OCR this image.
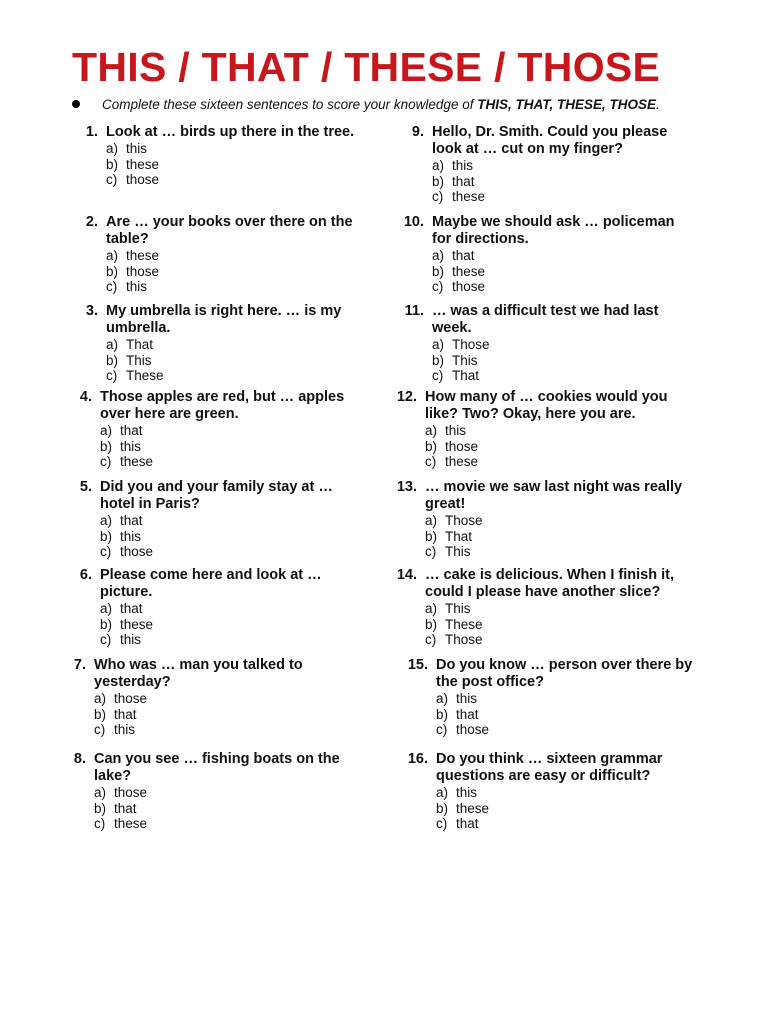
THIS / THAT / THESE / THOSE
Complete these sixteen sentences to score your knowledge of THIS, THAT, THESE, THOSE.
1. Look at … birds up there in the tree.
a) this
b) these
c) those
2. Are … your books over there on the table?
a) these
b) those
c) this
3. My umbrella is right here. … is my umbrella.
a) That
b) This
c) These
4. Those apples are red, but … apples over here are green.
a) that
b) this
c) these
5. Did you and your family stay at … hotel in Paris?
a) that
b) this
c) those
6. Please come here and look at … picture.
a) that
b) these
c) this
7. Who was … man you talked to yesterday?
a) those
b) that
c) this
8. Can you see … fishing boats on the lake?
a) those
b) that
c) these
9. Hello, Dr. Smith. Could you please look at … cut on my finger?
a) this
b) that
c) these
10. Maybe we should ask … policeman for directions.
a) that
b) these
c) those
11. … was a difficult test we had last week.
a) Those
b) This
c) That
12. How many of … cookies would you like? Two? Okay, here you are.
a) this
b) those
c) these
13. … movie we saw last night was really great!
a) Those
b) That
c) This
14. … cake is delicious. When I finish it, could I please have another slice?
a) This
b) These
c) Those
15. Do you know … person over there by the post office?
a) this
b) that
c) those
16. Do you think … sixteen grammar questions are easy or difficult?
a) this
b) these
c) that
